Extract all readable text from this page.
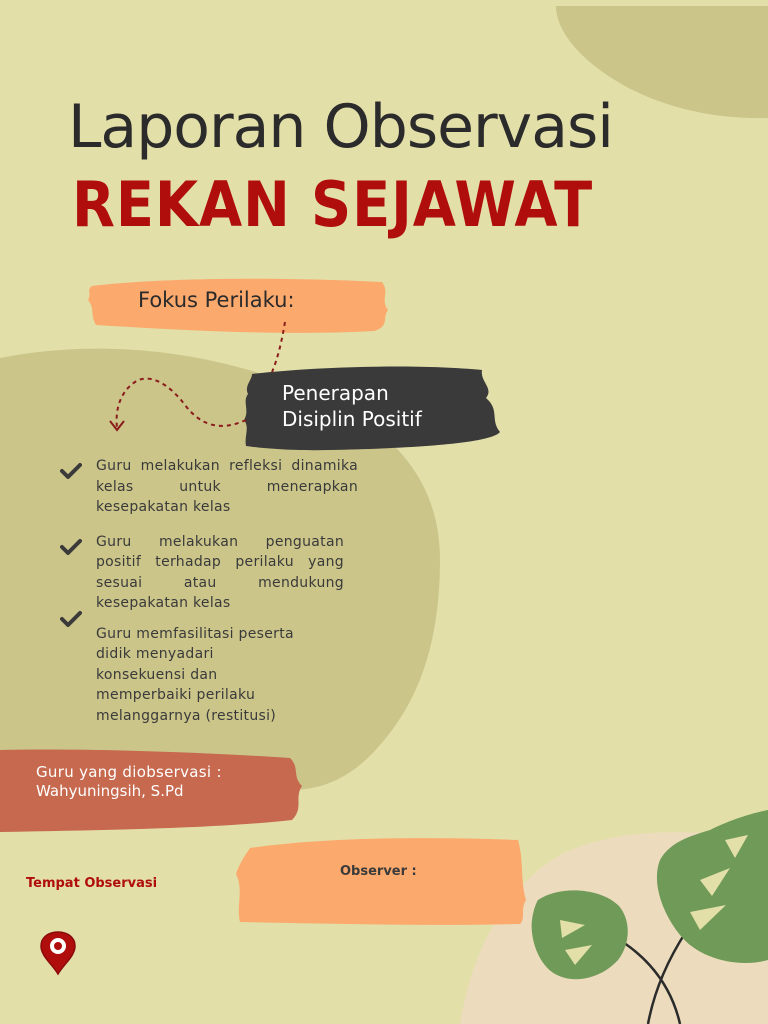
Laporan Observasi
REKAN SEJAWAT
Fokus Perilaku:
Penerapan
Disiplin Positif
Guru melakukan refleksi dinamika kelas untuk menerapkan kesepakatan kelas
Guru melakukan penguatan positif terhadap perilaku yang sesuai atau mendukung kesepakatan kelas
Guru memfasilitasi peserta didik menyadari konsekuensi dan memperbaiki perilaku melanggarnya (restitusi)
Guru yang diobservasi :
Wahyuningsih, S.Pd
Observer :
Tempat Observasi
